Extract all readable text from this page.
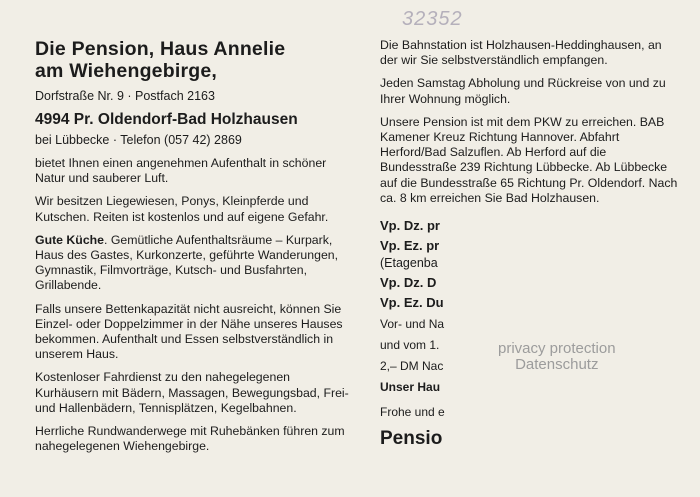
32352
Die Pension, Haus Annelie
am Wiehengebirge,
Dorfstraße Nr. 9 · Postfach 2163
4994 Pr. Oldendorf-Bad Holzhausen
bei Lübbecke · Telefon (057 42) 2869

bietet Ihnen einen angenehmen Aufenthalt in schöner Natur und sauberer Luft.

Wir besitzen Liegewiesen, Ponys, Kleinpferde und Kutschen. Reiten ist kostenlos und auf eigene Gefahr.

Gute Küche. Gemütliche Aufenthaltsräume – Kurpark, Haus des Gastes, Kurkonzerte, geführte Wanderungen, Gymnastik, Filmvorträge, Kutsch- und Busfahrten, Grillabende.

Falls unsere Bettenkapazität nicht ausreicht, können Sie Einzel- oder Doppelzimmer in der Nähe unseres Hauses bekommen. Aufenthalt und Essen selbstverständlich in unserem Haus.

Kostenloser Fahrdienst zu den nahegelegenen Kurhäusern mit Bädern, Massagen, Bewegungsbad, Frei- und Hallenbädern, Tennisplätzen, Kegelbahnen.

Herrliche Rundwanderwege mit Ruhebänken führen zum nahegelegenen Wiehengebirge.

Die Bahnstation ist Holzhausen-Heddinghausen, an der wir Sie selbstverständlich empfangen.

Jeden Samstag Abholung und Rückreise von und zu Ihrer Wohnung möglich.

Unsere Pension ist mit dem PKW zu erreichen. BAB Kamener Kreuz Richtung Hannover. Abfahrt Herford/Bad Salzuflen. Ab Herford auf die Bundesstraße 239 Richtung Lübbecke. Ab Lübbecke auf die Bundesstraße 65 Richtung Pr. Oldendorf. Nach ca. 8 km erreichen Sie Bad Holzhausen.

Vp. Dz. pr
Vp. Ez. pr
(Etagenba
Vp. Dz. D
Vp. Ez. Du
Vor- und Na
und vom 1.
2,– DM Nac
Unser Hau
Frohe und e
Pensio
privacy protection
Datenschutz
